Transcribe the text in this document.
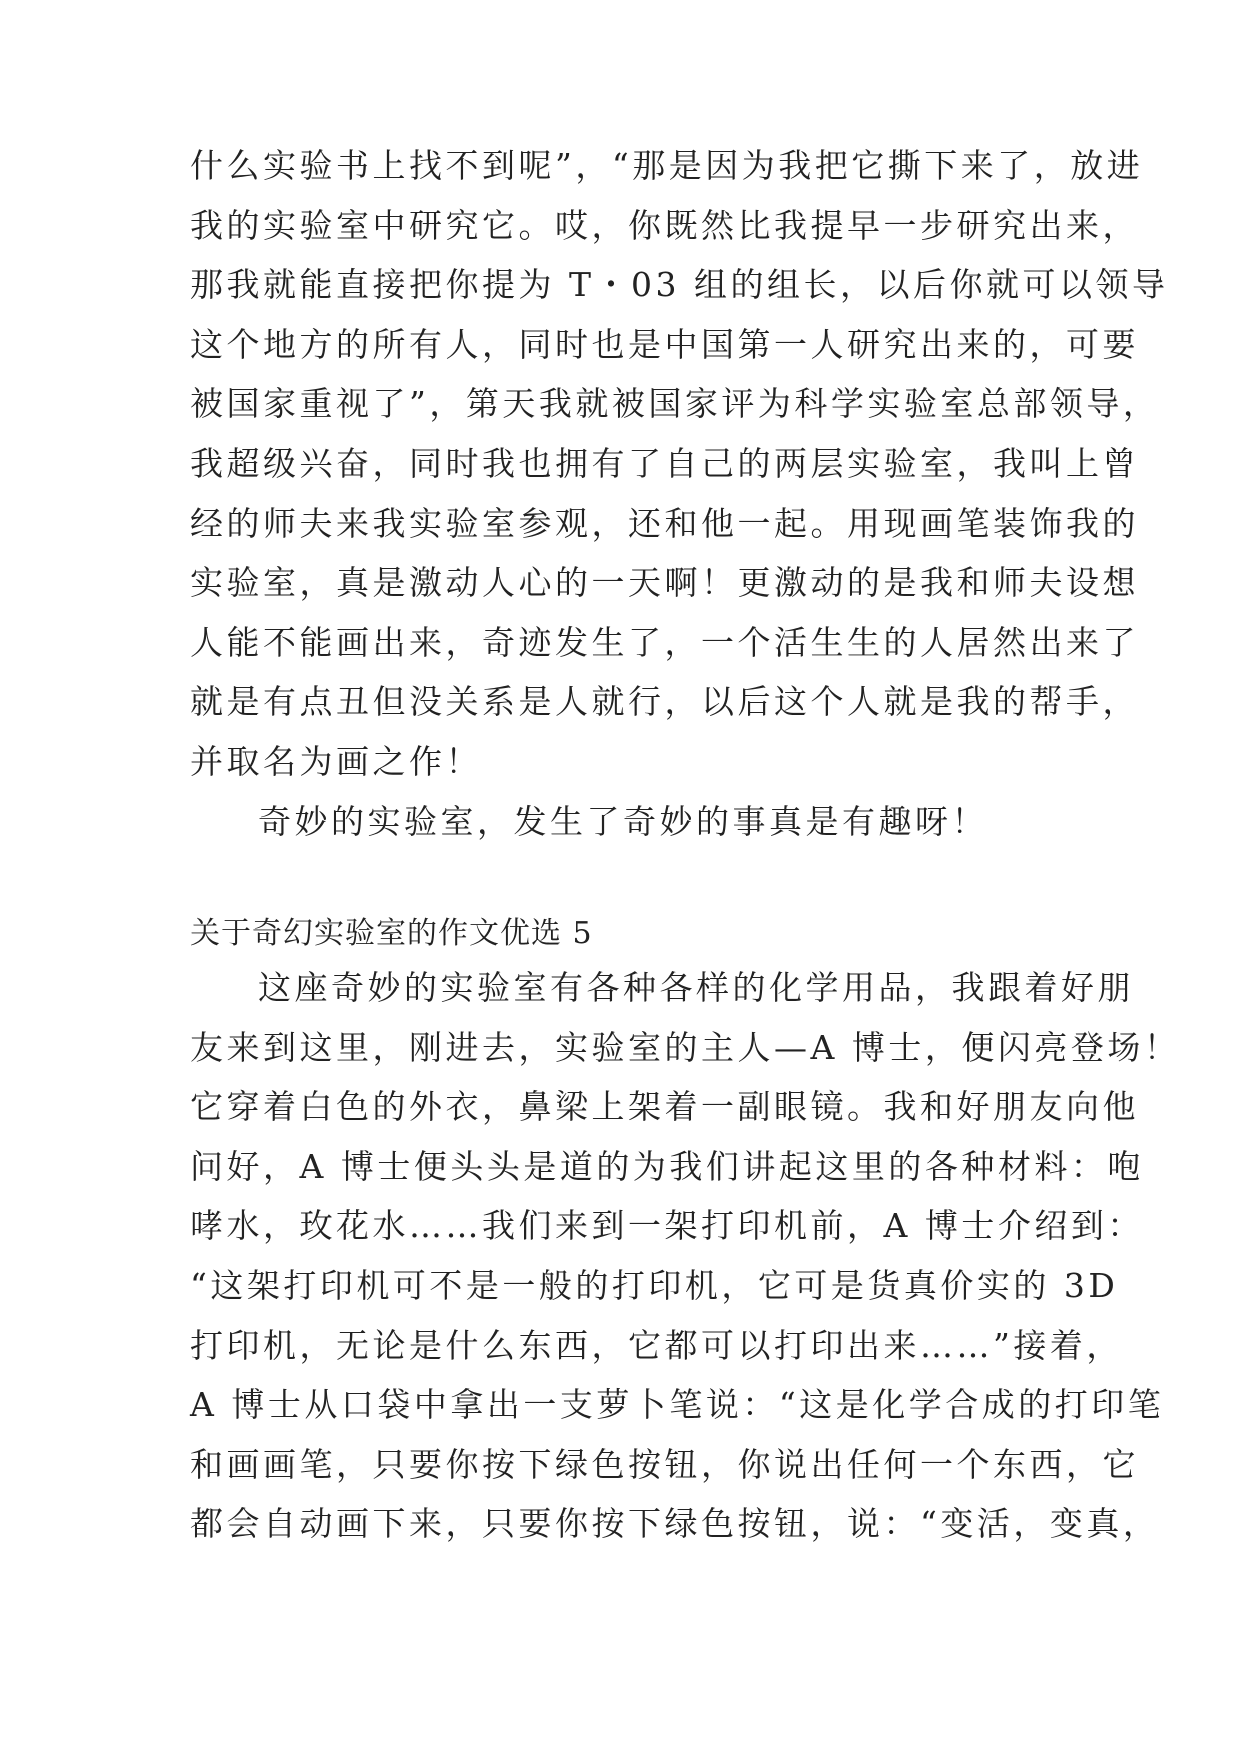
什么实验书上找不到呢”，“那是因为我把它撕下来了，放进
我的实验室中研究它。哎，你既然比我提早一步研究出来，
那我就能直接把你提为 T・03 组的组长，以后你就可以领导
这个地方的所有人，同时也是中国第一人研究出来的，可要
被国家重视了”，第天我就被国家评为科学实验室总部领导，
我超级兴奋，同时我也拥有了自己的两层实验室，我叫上曾
经的师夫来我实验室参观，还和他一起。用现画笔装饰我的
实验室，真是激动人心的一天啊！更激动的是我和师夫设想
人能不能画出来，奇迹发生了，一个活生生的人居然出来了
就是有点丑但没关系是人就行，以后这个人就是我的帮手，
并取名为画之作！
奇妙的实验室，发生了奇妙的事真是有趣呀！
关于奇幻实验室的作文优选 5
这座奇妙的实验室有各种各样的化学用品，我跟着好朋
友来到这里，刚进去，实验室的主人—A 博士，便闪亮登场！
它穿着白色的外衣，鼻梁上架着一副眼镜。我和好朋友向他
问好，A 博士便头头是道的为我们讲起这里的各种材料：咆
哮水，玫花水……我们来到一架打印机前，A 博士介绍到：
“这架打印机可不是一般的打印机，它可是货真价实的 3D
打印机，无论是什么东西，它都可以打印出来……”接着，
A 博士从口袋中拿出一支萝卜笔说：“这是化学合成的打印笔
和画画笔，只要你按下绿色按钮，你说出任何一个东西，它
都会自动画下来，只要你按下绿色按钮，说：“变活，变真，
